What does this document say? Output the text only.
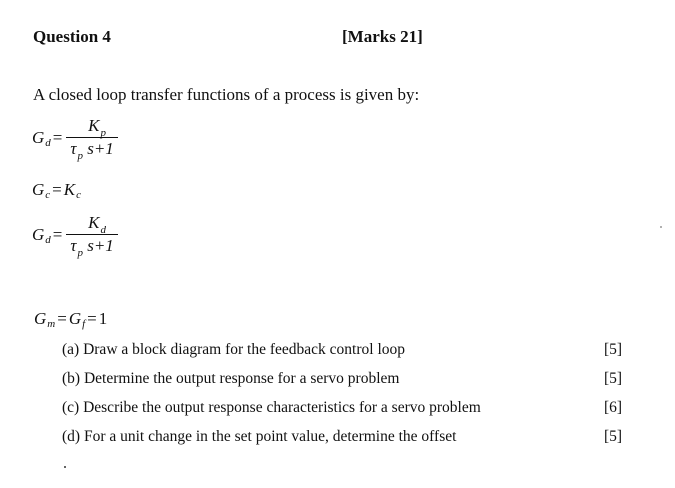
Question 4	[Marks 21]
A closed loop transfer functions of a process is given by:
G $d = \frac{K_p}{\tau_p s+1}$
G c = K c
G $d = \frac{K_d}{\tau_p s+1}$
G m = G f = 1
(a) Draw a block diagram for the feedback control loop	[5]
(b) Determine the output response for a servo problem	[5]
(c) Describe the output response characteristics for a servo problem	[6]
(d) For a unit change in the set point value, determine the offset	[5]
